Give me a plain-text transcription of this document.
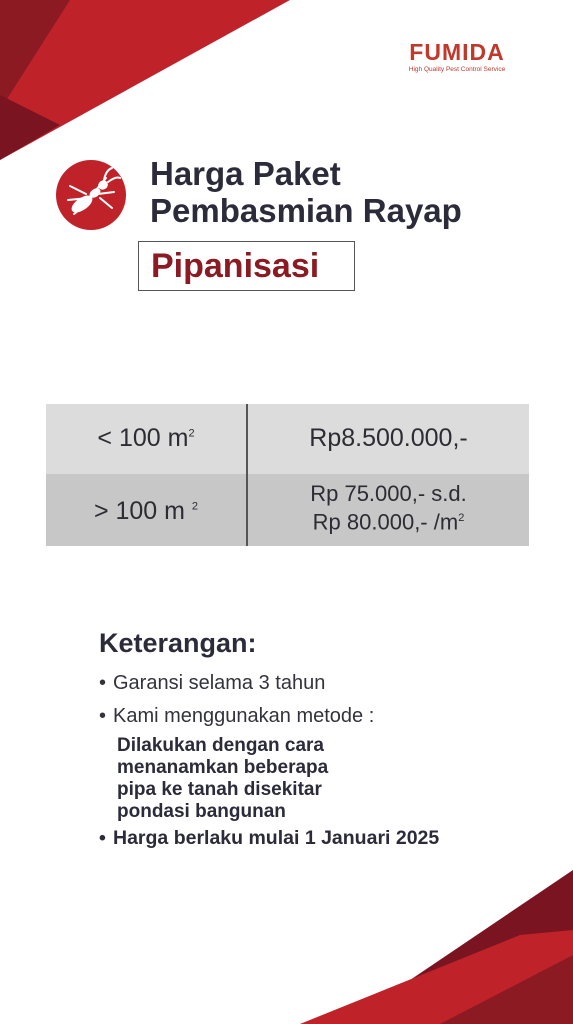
FUMIDA
High Quality Pest Control Service
Harga Paket
Pembasmian Rayap
Pipanisasi
< 100 $m^2$	Rp8.500.000,-
> 100 m $^2$
Rp 75.000,- s.d.
Rp 80.000,- $/m^2$
Keterangan:
• Garansi selama 3 tahun
• Kami menggunakan metode :
Dilakukan dengan cara
menanamkan beberapa
pipa ke tanah disekitar
pondasi bangunan
• Harga berlaku mulai 1 Januari 2025
